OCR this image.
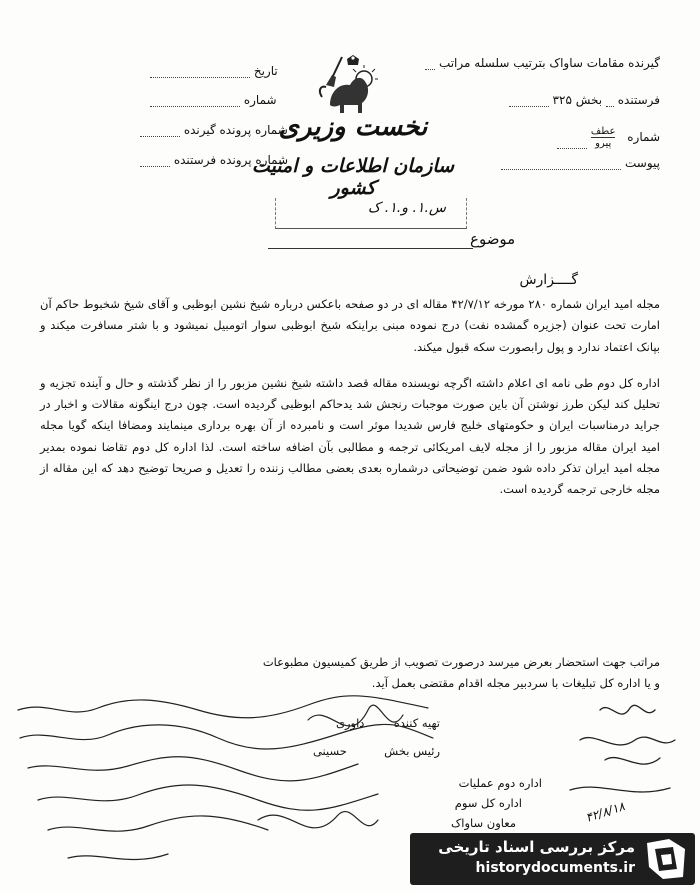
گیرنده مقامات ساواک بترتیب سلسله مراتب
فرستنده  بخش ۳۲۵
شماره
عطف
پیرو

پیوست
تاریخ
شماره
شماره پرونده گیرنده
شماره پرونده فرستنده
نخست وزیری
سازمان اطلاعات و امنیت کشور
س.۱. و.۱. ک
موضوع
گــــزارش

مجله امید ایران شماره ۲۸۰ مورخه ۴۲/۷/۱۲ مقاله ای در دو صفحه باعکس درباره شیخ نشین ابوظبی و آقای شیخ شخبوط حاکم آن امارت تحت عنوان (جزیره گمشده نفت) درج نموده مبنی براینکه شیخ ابوظبی سوار اتومبیل نمیشود و با شتر مسافرت میکند و بپانک اعتماد ندارد و پول رابصورت سکه قبول میکند.

اداره کل دوم طی نامه ای اعلام داشته اگرچه نویسنده مقاله قصد داشته شیخ نشین مزبور را از نظر گذشته و حال و آینده تجزیه و تحلیل کند لیکن طرز نوشتن آن باین صورت موجبات رنجش شد یدحاکم ابوظبی گردیده است. چون درج اینگونه مقالات و اخبار در جراید درمناسبات ایران و حکومتهای خلیج فارس شدیدا موثر است و نامبرده از آن بهره برداری مینمایند ومضافا اینکه گویا مجله امید ایران مقاله مزبور را از مجله لایف امریکائی ترجمه و مطالبی بآن اضافه ساخته است. لذا اداره کل دوم تقاضا نموده بمدیر مجله امید ایران تذکر داده شود ضمن توضیحاتی درشماره بعدی بعضی مطالب زننده را تعدیل و صریحا توضیح دهد که این مقاله از مجله خارجی ترجمه گردیده است.

مراتب جهت استحضار بعرض میرسد درصورت تصویب از طریق کمیسیون مطبوعات
و یا اداره کل تبلیغات با سردبیر مجله اقدام مقتضی بعمل آید.
تهیه کننده  داوری
رئیس بخش  حسینی
اداره دوم عملیات
اداره کل سوم
معاون ساواک	۴۲/۸/۱۸
مرکز بررسی اسناد تاریخی
historydocuments.ir
